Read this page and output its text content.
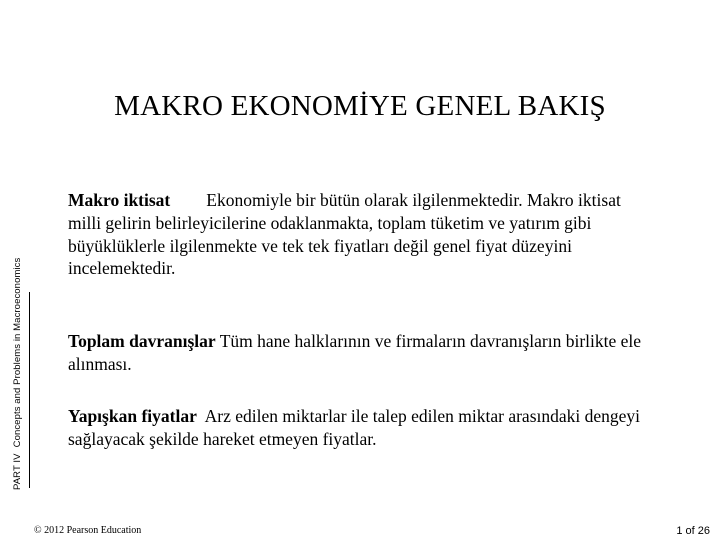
PART IVConcepts and Problems in Macroeconomics
MAKRO EKONOMİYE GENEL BAKIŞ
Makro iktisat Ekonomiyle bir bütün olarak ilgilenmektedir. Makro iktisat milli gelirin belirleyicilerine odaklanmakta, toplam tüketim ve yatırım gibi büyüklüklerle ilgilenmekte ve tek tek fiyatları değil genel fiyat düzeyini incelemektedir.
Toplam davranışlar Tüm hane halklarının ve firmaların davranışların birlikte ele alınması.
Yapışkan fiyatlar Arz edilen miktarlar ile talep edilen miktar arasındaki dengeyi sağlayacak şekilde hareket etmeyen fiyatlar.
© 2012 Pearson Education	1 of 26
